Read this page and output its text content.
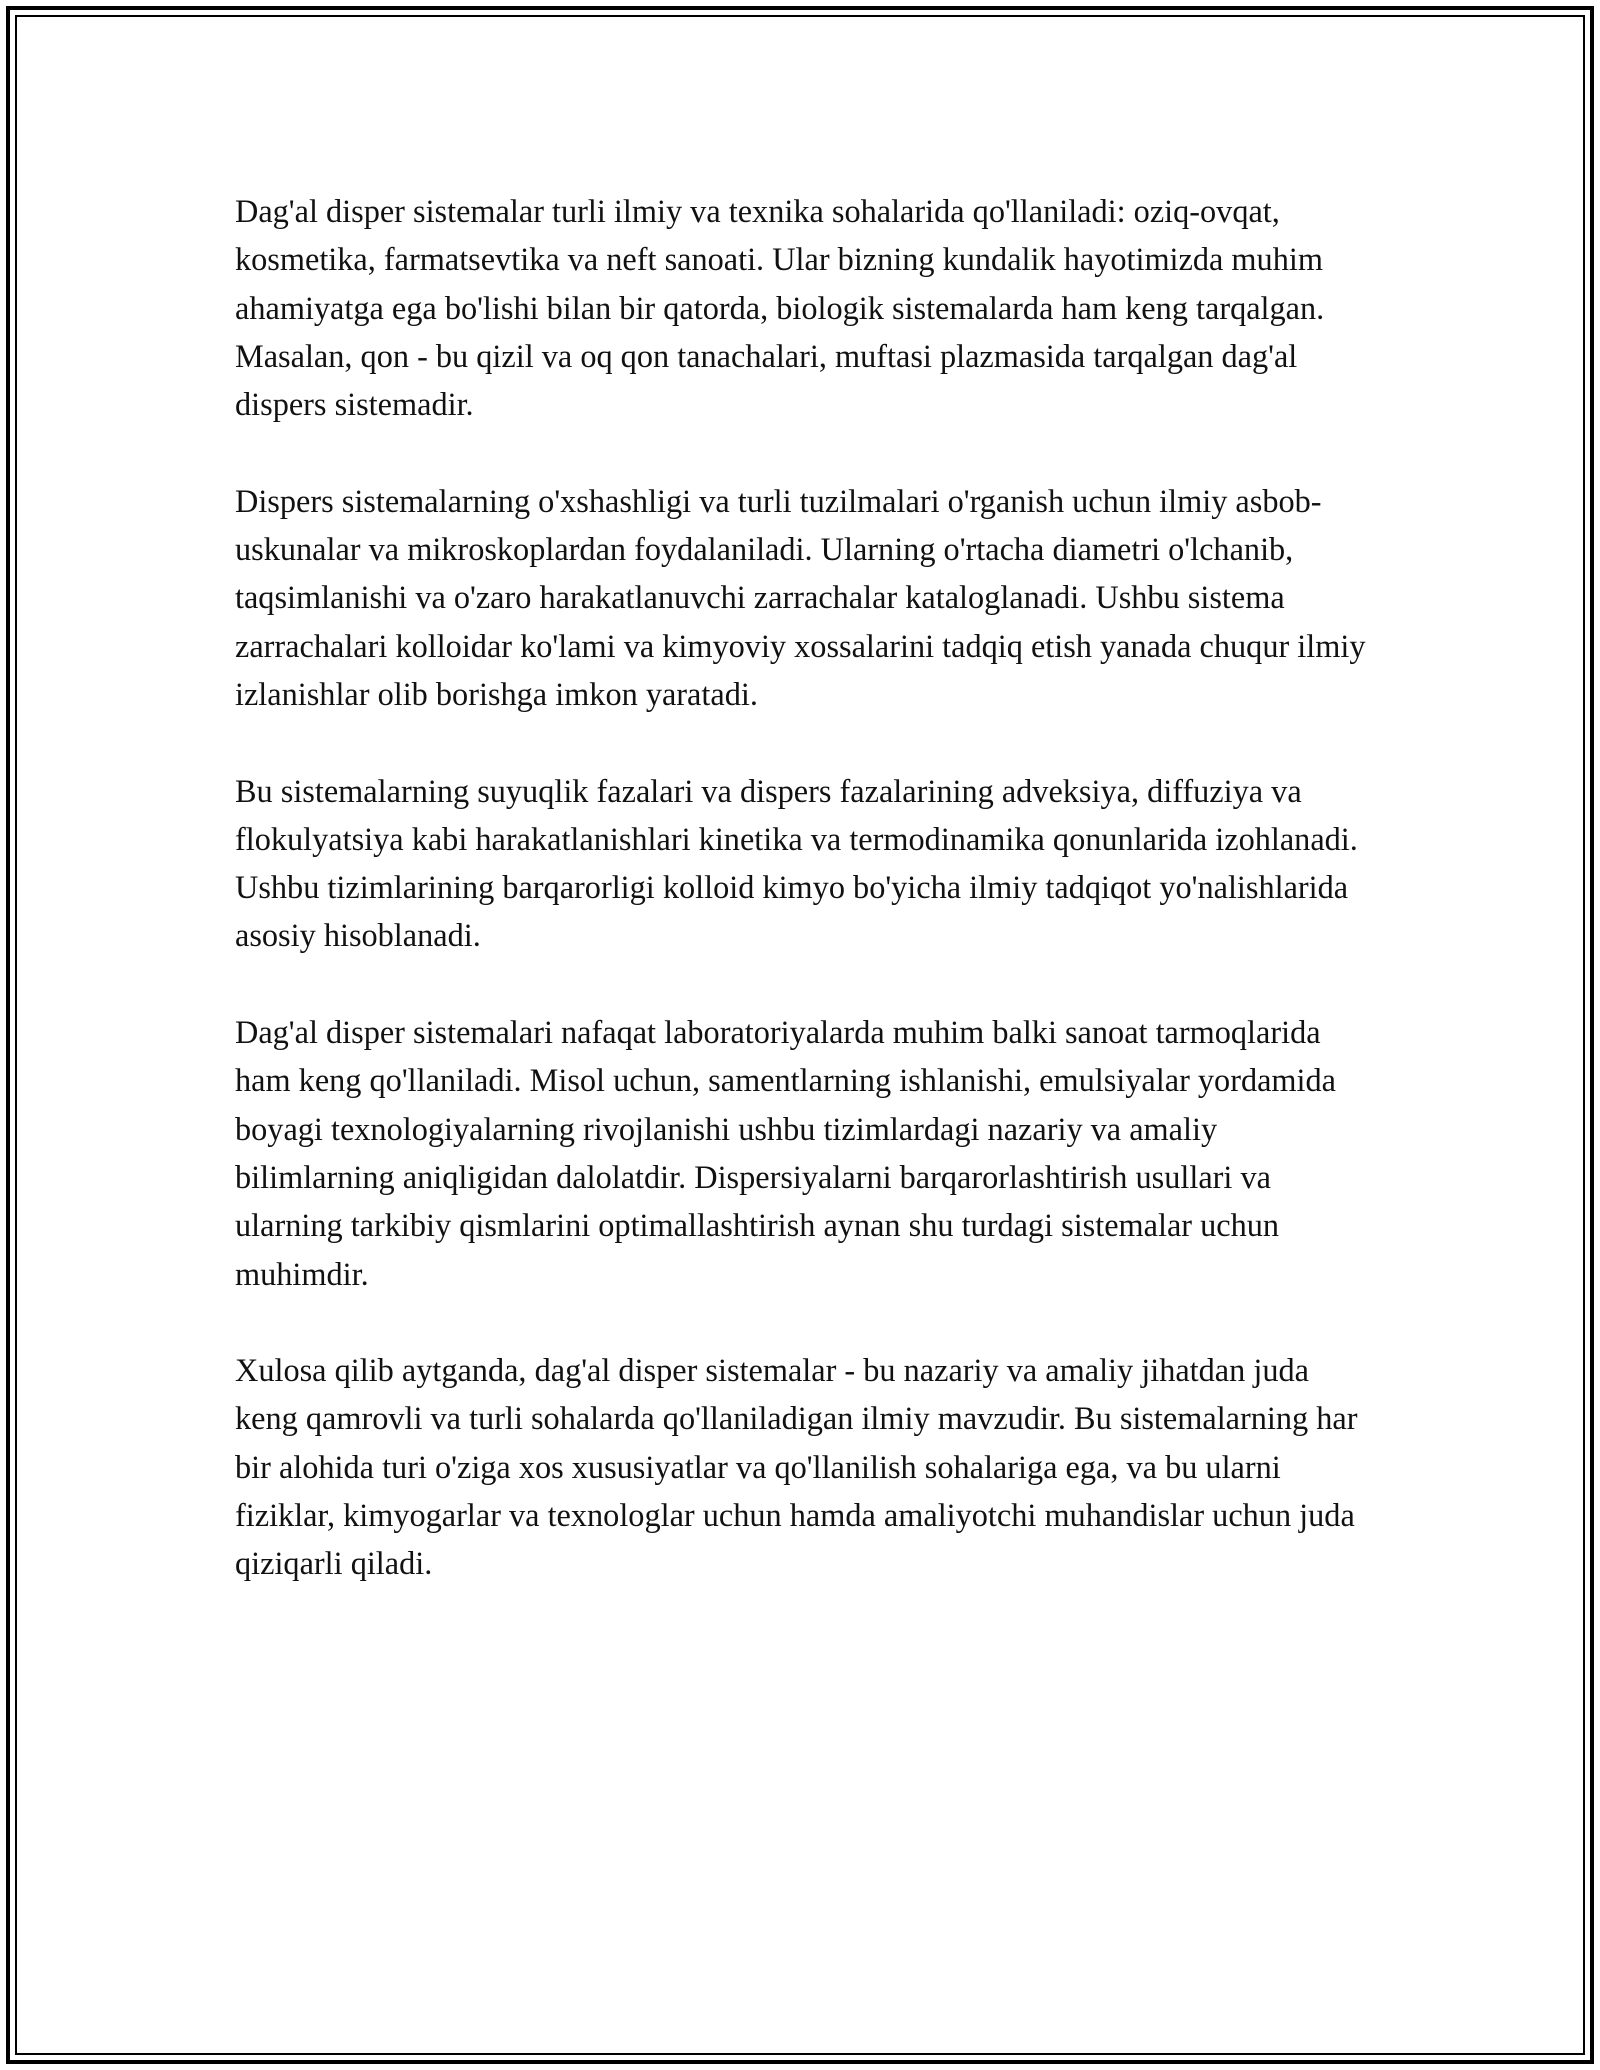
Dag'al disper sistemalar turli ilmiy va texnika sohalarida qo'llaniladi: oziq-ovqat, kosmetika, farmatsevtika va neft sanoati. Ular bizning kundalik hayotimizda muhim ahamiyatga ega bo'lishi bilan bir qatorda, biologik sistemalarda ham keng tarqalgan. Masalan, qon - bu qizil va oq qon tanachalari, muftasi plazmasida tarqalgan dag'al dispers sistemadir.

Dispers sistemalarning o'xshashligi va turli tuzilmalari o'rganish uchun ilmiy asbob-uskunalar va mikroskoplardan foydalaniladi. Ularning o'rtacha diametri o'lchanib, taqsimlanishi va o'zaro harakatlanuvchi zarrachalar kataloglanadi. Ushbu sistema zarrachalari kolloidar ko'lami va kimyoviy xossalarini tadqiq etish yanada chuqur ilmiy izlanishlar olib borishga imkon yaratadi.

Bu sistemalarning suyuqlik fazalari va dispers fazalarining adveksiya, diffuziya va flokulyatsiya kabi harakatlanishlari kinetika va termodinamika qonunlarida izohlanadi. Ushbu tizimlarining barqarorligi kolloid kimyo bo'yicha ilmiy tadqiqot yo'nalishlarida asosiy hisoblanadi.

Dag'al disper sistemalari nafaqat laboratoriyalarda muhim balki sanoat tarmoqlarida ham keng qo'llaniladi. Misol uchun, samentlarning ishlanishi, emulsiyalar yordamida boyagi texnologiyalarning rivojlanishi ushbu tizimlardagi nazariy va amaliy bilimlarning aniqligidan dalolatdir. Dispersiyalarni barqarorlashtirish usullari va ularning tarkibiy qismlarini optimallashtirish aynan shu turdagi sistemalar uchun muhimdir.

Xulosa qilib aytganda, dag'al disper sistemalar - bu nazariy va amaliy jihatdan juda keng qamrovli va turli sohalarda qo'llaniladigan ilmiy mavzudir. Bu sistemalarning har bir alohida turi o'ziga xos xususiyatlar va qo'llanilish sohalariga ega, va bu ularni fiziklar, kimyogarlar va texnologlar uchun hamda amaliyotchi muhandislar uchun juda qiziqarli qiladi.
